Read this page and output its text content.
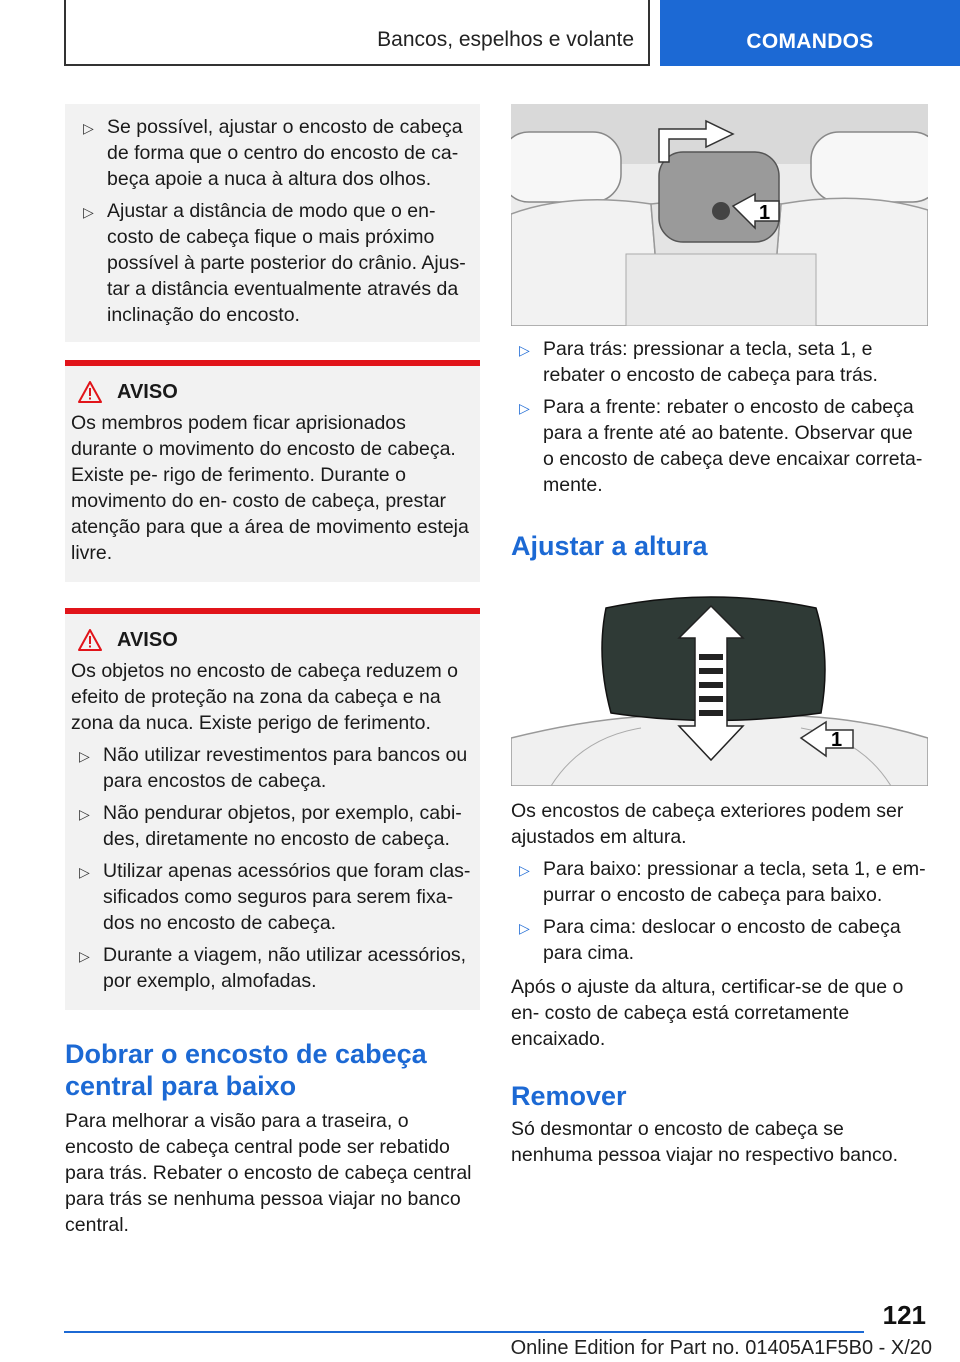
Bancos, espelhos e volante	COMANDOS
▷ Se possível, ajustar o encosto de cabeça de forma que o centro do encosto de ca- beça apoie a nuca à altura dos olhos.
▷ Ajustar a distância de modo que o en- costo de cabeça fique o mais próximo possível à parte posterior do crânio. Ajus- tar a distância eventualmente através da inclinação do encosto.
AVISO

Os membros podem ficar aprisionados durante o movimento do encosto de cabeça. Existe pe- rigo de ferimento. Durante o movimento do en- costo de cabeça, prestar atenção para que a área de movimento esteja livre.

AVISO

Os objetos no encosto de cabeça reduzem o efeito de proteção na zona da cabeça e na zona da nuca. Existe perigo de ferimento.

▷ Não utilizar revestimentos para bancos ou para encostos de cabeça.
▷ Não pendurar objetos, por exemplo, cabi- des, diretamente no encosto de cabeça.
▷ Utilizar apenas acessórios que foram clas- sificados como seguros para serem fixa- dos no encosto de cabeça.
▷ Durante a viagem, não utilizar acessórios, por exemplo, almofadas.
Dobrar o encosto de cabeça central para baixo

Para melhorar a visão para a traseira, o encosto de cabeça central pode ser rebatido para trás. Rebater o encosto de cabeça central para trás se nenhuma pessoa viajar no banco central.

1
▷ Para trás: pressionar a tecla, seta 1, e rebater o encosto de cabeça para trás.
▷ Para a frente: rebater o encosto de cabeça para a frente até ao batente. Observar que o encosto de cabeça deve encaixar correta- mente.
Ajustar a altura
1

Os encostos de cabeça exteriores podem ser ajustados em altura.

▷ Para baixo: pressionar a tecla, seta 1, e em- purrar o encosto de cabeça para baixo.
▷ Para cima: deslocar o encosto de cabeça para cima.

Após o ajuste da altura, certificar-se de que o en- costo de cabeça está corretamente encaixado.

Remover

Só desmontar o encosto de cabeça se nenhuma pessoa viajar no respectivo banco.

121
Online Edition for Part no. 01405A1F5B0 - X/20
